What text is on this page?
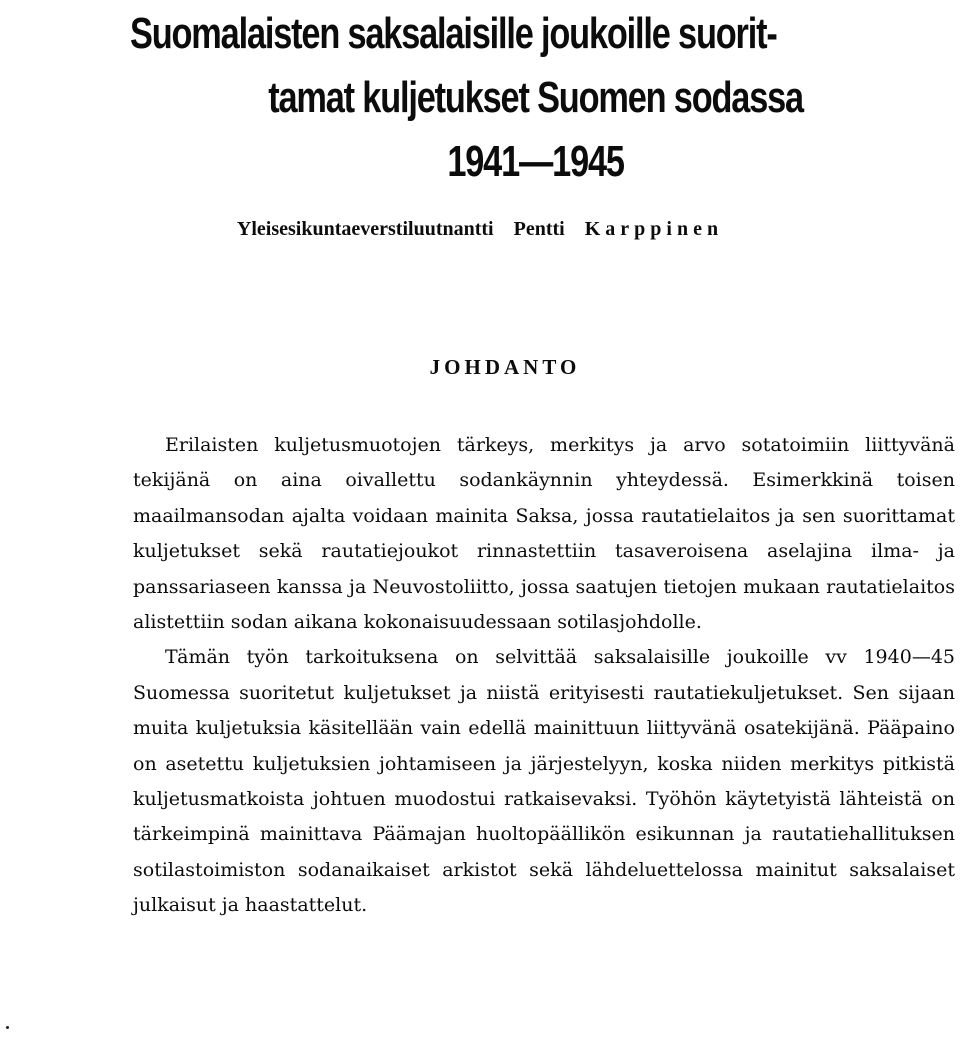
Suomalaisten saksalaisille joukoille suorit-
tamat kuljetukset Suomen sodassa
1941—1945
Yleisesikuntaeverstiluutnantti Pentti Karppinen
JOHDANTO

Erilaisten kuljetusmuotojen tärkeys, merkitys ja arvo sotatoimiin liittyvänä tekijänä on aina oivallettu sodankäynnin yhteydessä. Esimerkkinä toisen maailmansodan ajalta voidaan mainita Saksa, jossa rautatielaitos ja sen suorittamat kuljetukset sekä rautatiejoukot rinnastettiin tasaveroisena aselajina ilma- ja panssariaseen kanssa ja Neuvostoliitto, jossa saatujen tietojen mukaan rautatielaitos alistettiin sodan aikana kokonaisuudessaan sotilasjohdolle.

Tämän työn tarkoituksena on selvittää saksalaisille joukoille vv 1940—45 Suomessa suoritetut kuljetukset ja niistä erityisesti rautatiekuljetukset. Sen sijaan muita kuljetuksia käsitellään vain edellä mainittuun liittyvänä osatekijänä. Pääpaino on asetettu kuljetuksien johtamiseen ja järjestelyyn, koska niiden merkitys pitkistä kuljetusmatkoista johtuen muodostui ratkaisevaksi. Työhön käytetyistä lähteistä on tärkeimpinä mainittava Päämajan huoltopäällikön esikunnan ja rautatiehallituksen sotilastoimiston sodanaikaiset arkistot sekä lähdeluettelossa mainitut saksalaiset julkaisut ja haastattelut.
